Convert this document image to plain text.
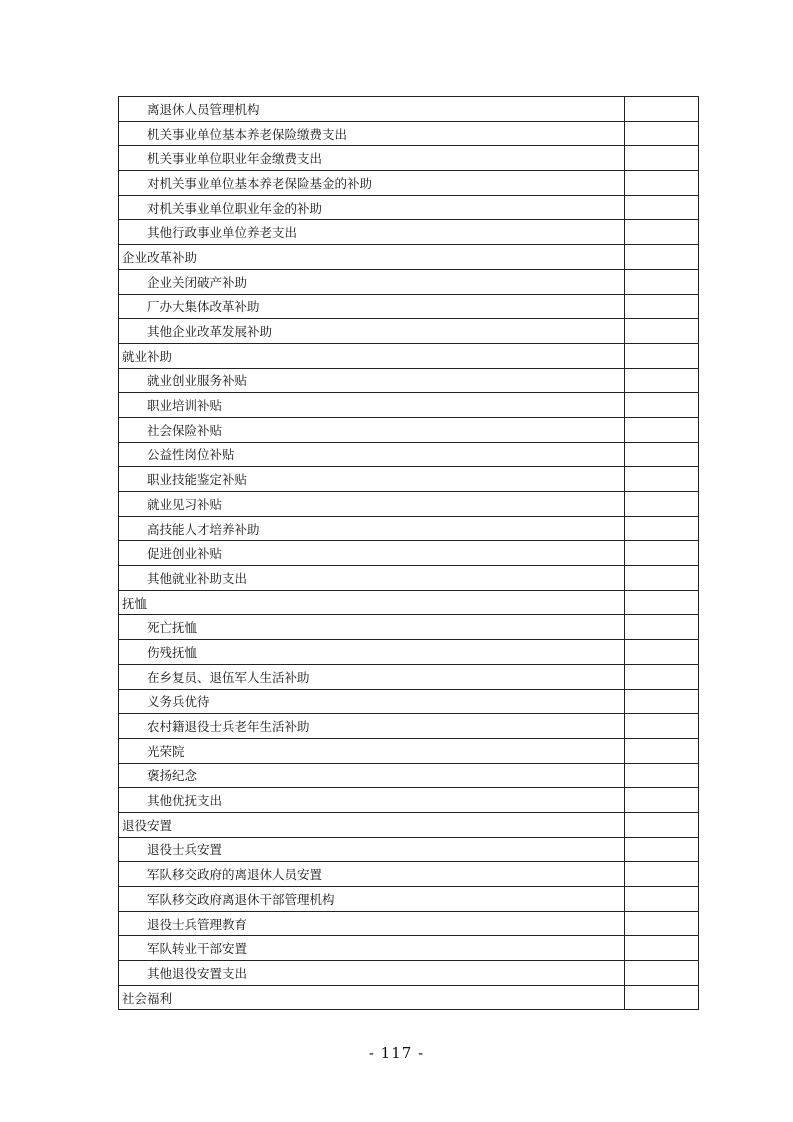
离退休人员管理机构	
机关事业单位基本养老保险缴费支出	
机关事业单位职业年金缴费支出	
对机关事业单位基本养老保险基金的补助	
对机关事业单位职业年金的补助	
其他行政事业单位养老支出	
企业改革补助	
企业关闭破产补助	
厂办大集体改革补助	
其他企业改革发展补助	
就业补助	
就业创业服务补贴	
职业培训补贴	
社会保险补贴	
公益性岗位补贴	
职业技能鉴定补贴	
就业见习补贴	
高技能人才培养补助	
促进创业补贴	
其他就业补助支出	
抚恤	
死亡抚恤	
伤残抚恤	
在乡复员、退伍军人生活补助	
义务兵优待	
农村籍退役士兵老年生活补助	
光荣院	
褒扬纪念	
其他优抚支出	
退役安置	
退役士兵安置	
军队移交政府的离退休人员安置	
军队移交政府离退休干部管理机构	
退役士兵管理教育	
军队转业干部安置	
其他退役安置支出	
社会福利	
- 117 -
